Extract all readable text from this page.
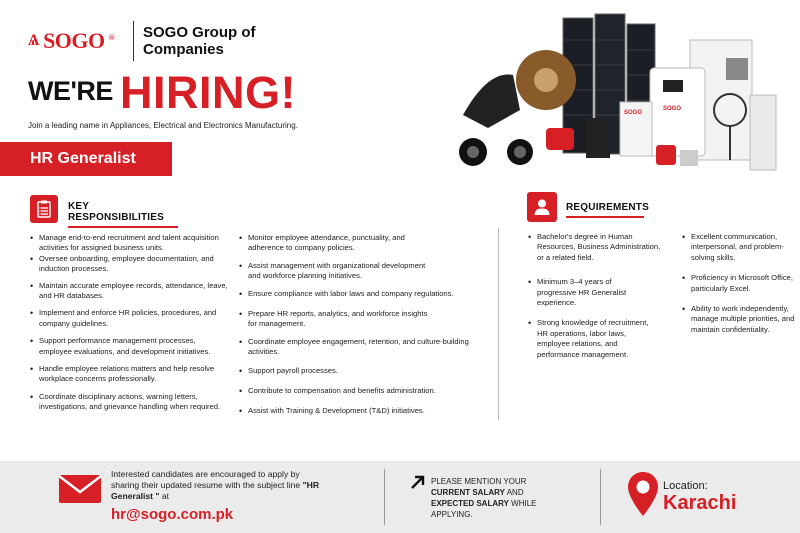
Ѧ SOGO ® SOGO Group of Companies
WE'RE HIRING!
Join a leading name in Appliances, Electrical and Electronics Manufacturing.
HR Generalist
SOGO
SOGO
KEY RESPONSIBILITIES
• Manage end-to-end recruitment and talent acquisition activities for assigned business units.
• Oversee onboarding, employee documentation, and induction processes.
• Maintain accurate employee records, attendance, leave, and HR databases.
• Implement and enforce HR policies, procedures, and company guidelines.
• Support performance management processes, employee evaluations, and development initiatives.
• Handle employee relations matters and help resolve workplace concerns professionally.
• Coordinate disciplinary actions, warning letters, investigations, and grievance handling when required.
• Monitor employee attendance, punctuality, and adherence to company policies.
• Assist management with organizational development and workforce planning initiatives.
• Ensure compliance with labor laws and company regulations.
• Prepare HR reports, analytics, and workforce insights for management.
• Coordinate employee engagement, retention, and culture-building activities.
• Support payroll processes.
• Contribute to compensation and benefits administration.
• Assist with Training & Development (T&D) initiatives.
REQUIREMENTS
• Bachelor's degree in Human Resources, Business Administration, or a related field.
• Minimum 3–4 years of progressive HR Generalist experience.
• Strong knowledge of recruitment, HR operations, labor laws, employee relations, and performance management.
• Excellent communication, interpersonal, and problem-solving skills.
• Proficiency in Microsoft Office, particularly Excel.
• Ability to work independently, manage multiple priorities, and maintain confidentiality.
Interested candidates are encouraged to apply by sharing their updated resume with the subject line "HR Generalist " at
hr@sogo.com.pk
PLEASE MENTION YOUR
CURRENT SALARY AND
EXPECTED SALARY WHILE APPLYING.
Location:
Karachi
